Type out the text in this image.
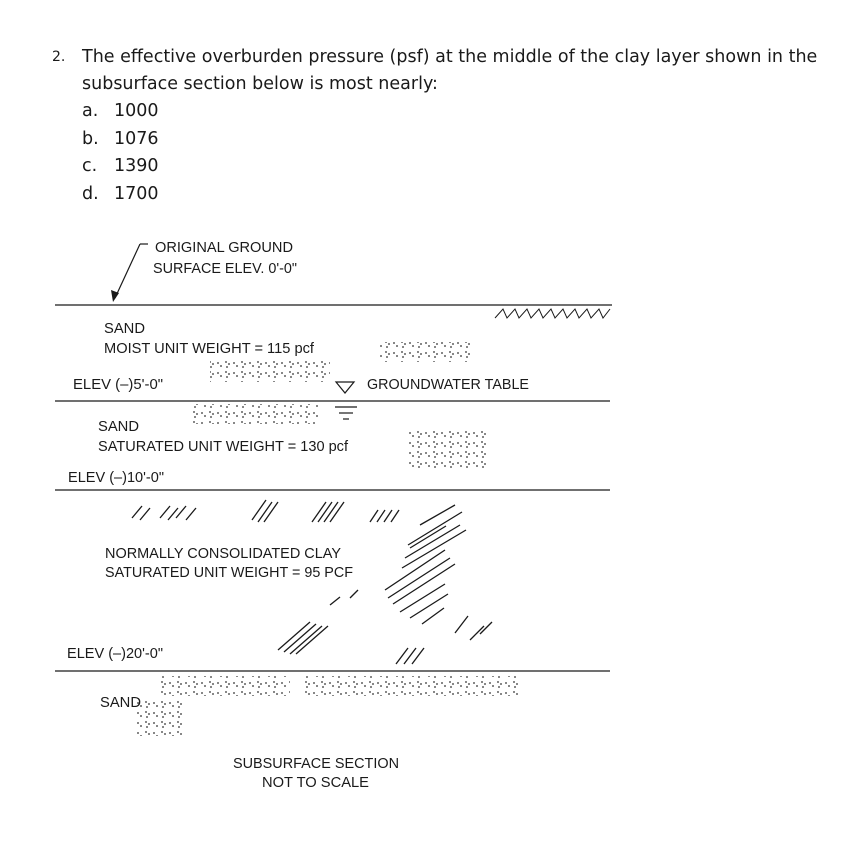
2. The effective overburden pressure (psf) at the middle of the clay layer shown in the subsurface section below is most nearly:
a. 1000
b. 1076
c. 1390
d. 1700
ORIGINAL GROUND
SURFACE ELEV. 0'-0"
SAND
MOIST UNIT WEIGHT = 115 pcf
ELEV (–)5'-0"	GROUNDWATER TABLE
SAND
SATURATED UNIT WEIGHT = 130 pcf
ELEV (–)10'-0"
NORMALLY CONSOLIDATED CLAY
SATURATED UNIT WEIGHT = 95 PCF
ELEV (–)20'-0"
SAND
SUBSURFACE SECTION
NOT TO SCALE
